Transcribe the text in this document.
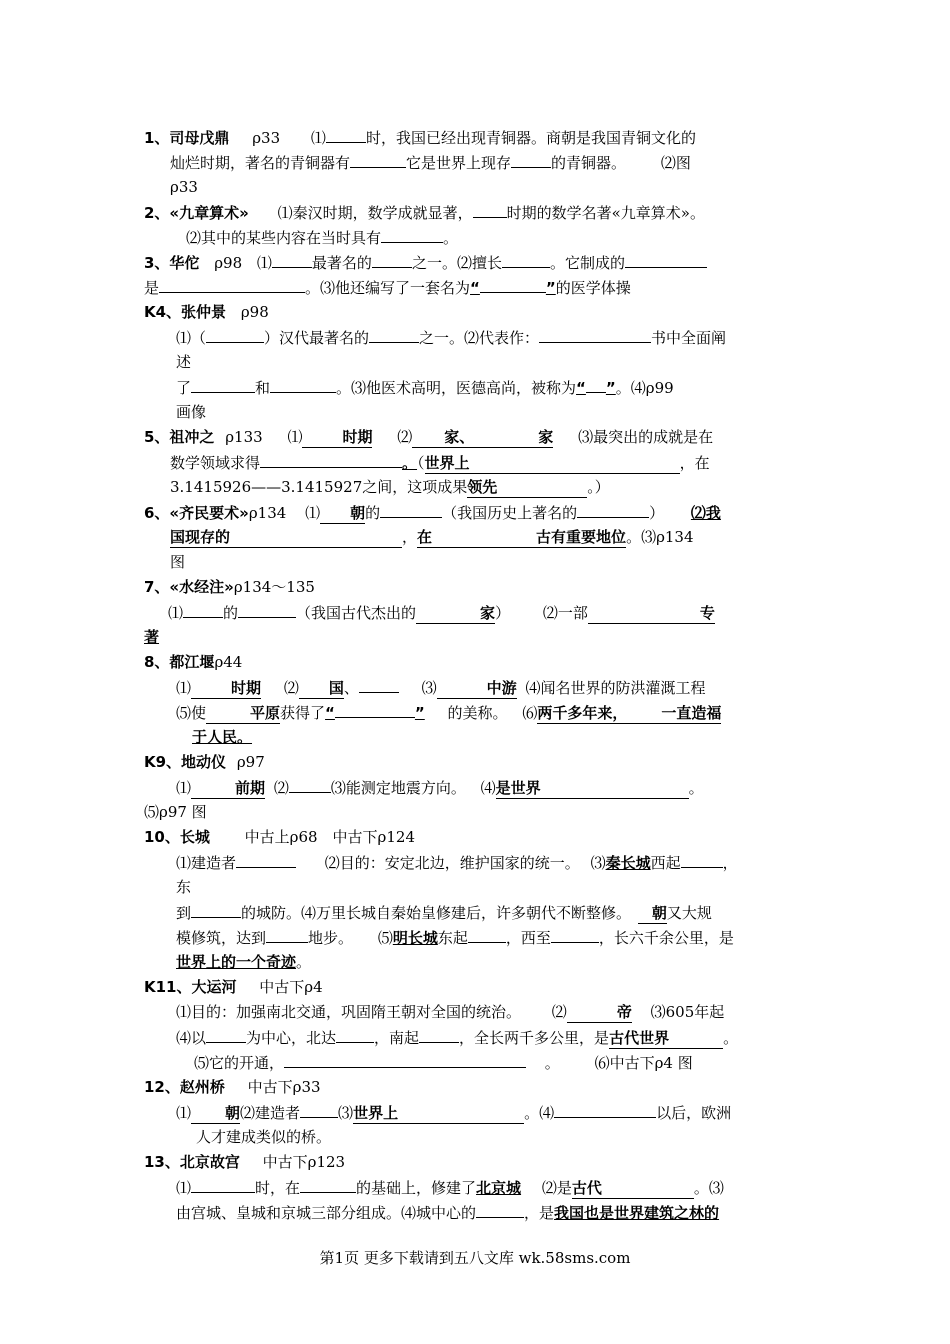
1、司母戊鼎 ρ33 ⑴	时，我国已经出现青铜器。商朝是我国青铜文化的
灿烂时期，著名的青铜器有	它是世界上现存	的青铜器。 ⑵图
ρ33
2、«九章算术» ⑴秦汉时期，数学成就显著， 时期的数学名著«九章算术»。
⑵其中的某些内容在当时具有	。
3、华佗 ρ98 ⑴	最著名的	之一。⑵擅长	。它制成的
是	。⑶他还编写了一套名为“	”的医学体操
K4、张仲景 ρ98
⑴（	）汉代最著名的	之一。⑵代表作：	书中全面阐
述
了	和	。⑶他医术高明，医德高尚，被称为“ ”。⑷ρ99
画像
5、祖冲之 ρ133 ⑴	时期 ⑵ 家、	家 ⑶最突出的成就是在
数学领域求得	。（世界上	，在
3.1415926——3.1415927之间，这项成果领先	。）
6、«齐民要术»ρ134 ⑴ 朝的	（我国历史上著名的	） ⑵我
国现存的	，在	古有重要地位。⑶ρ134
图
7、«水经注»ρ134～135
⑴	的	（我国古代杰出的	家） ⑵一部	专
著
8、都江堰ρ44
⑴	时期 ⑵ 国、	⑶	中游 ⑷闻名世界的防洪灌溉工程
⑸使	平原获得了“	” 的美称。 ⑹两千多年来， 一直造福
于人民。
K9、地动仪 ρ97
⑴	前期 ⑵	⑶能测定地震方向。 ⑷是世界	。
⑸ρ97 图
10、长城 中古上ρ68　中古下ρ124
⑴建造者	⑵目的：安定北边，维护国家的统一。 ⑶秦长城西起	，
东
到	的城防。⑷万里长城自秦始皇修建后，许多朝代不断整修。 朝又大规
模修筑，达到	地步。 ⑸明长城东起	，西至	，长六千余公里，是
世界上的一个奇迹。
K11、大运河 中古下ρ4
⑴目的：加强南北交通，巩固隋王朝对全国的统治。 ⑵	帝 ⑶605年起
⑷以	为中心，北达	，南起	，全长两千多公里，是古代世界	。
⑸它的开通，	。 ⑹中古下ρ4 图
12、赵州桥 中古下ρ33
⑴ 朝⑵建造者	⑶世界上	。⑷	以后，欧洲
人才建成类似的桥。
13、北京故宫 中古下ρ123
⑴	时，在	的基础上，修建了北京城 ⑵是古代	。⑶
由宫城、皇城和京城三部分组成。⑷城中心的	，是我国也是世界建筑之林的
第1页 更多下载请到五八文库 wk.58sms.com
